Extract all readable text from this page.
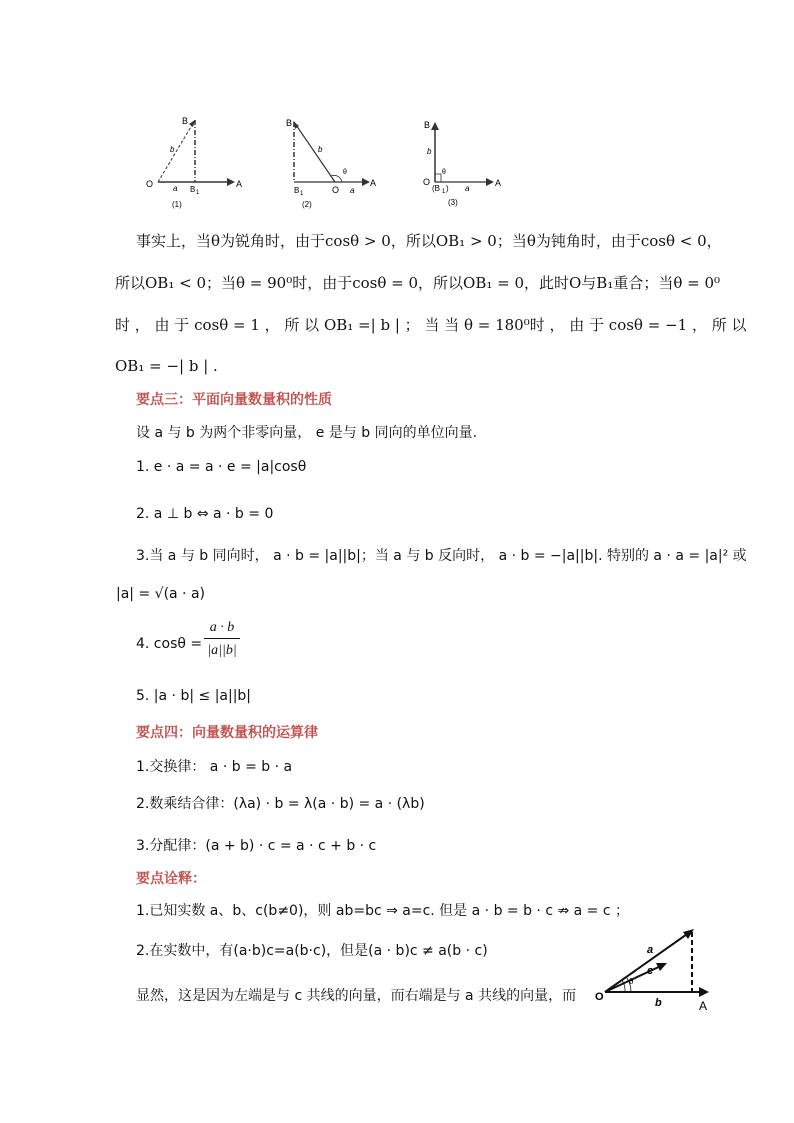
B
b
O a B 1
A
(1)
B
b
θ
B 1	O a
A
(2)
B
b
θ
O
(B 1 ) a
A
(3)
事实上，当θ为锐角时，由于cosθ > 0，所以OB₁ > 0；当θ为钝角时，由于cosθ < 0，
所以OB₁ < 0；当θ = 90⁰时，由于cosθ = 0，所以OB₁ = 0，此时O与B₁重合；当θ = 0⁰
时 ， 由 于 cosθ = 1 ， 所 以 OB₁ =| b | ； 当 当 θ = 180⁰时 ， 由 于 cosθ = −1 ， 所 以
OB₁ = −| b | .
要点三：平面向量数量积的性质
设 a 与 b 为两个非零向量， e 是与 b 同向的单位向量.
1. e · a = a · e = |a|cosθ
2. a ⊥ b ⇔ a · b = 0
3.当 a 与 b 同向时， a · b = |a||b|；当 a 与 b 反向时， a · b = −|a||b|. 特别的 a · a = |a|² 或
|a| = √(a · a)
4. $\cos\theta = \frac{a \cdot b}{|a||b|}$
5. |a · b| ≤ |a||b|
要点四：向量数量积的运算律
1.交换律： a · b = b · a
2.数乘结合律：(λa) · b = λ(a · b) = a · (λb)
3.分配律：(a + b) · c = a · c + b · c
要点诠释：
1.已知实数 a、b、c(b≠0)，则 ab=bc ⇒ a=c. 但是 a · b = b · c ⇏ a = c ；
2.在实数中，有(a·b)c=a(b·c)，但是(a · b)c ≠ a(b · c)
显然，这是因为左端是与 c 共线的向量，而右端是与 a 共线的向量，而
a
c
θ
O	b	A
